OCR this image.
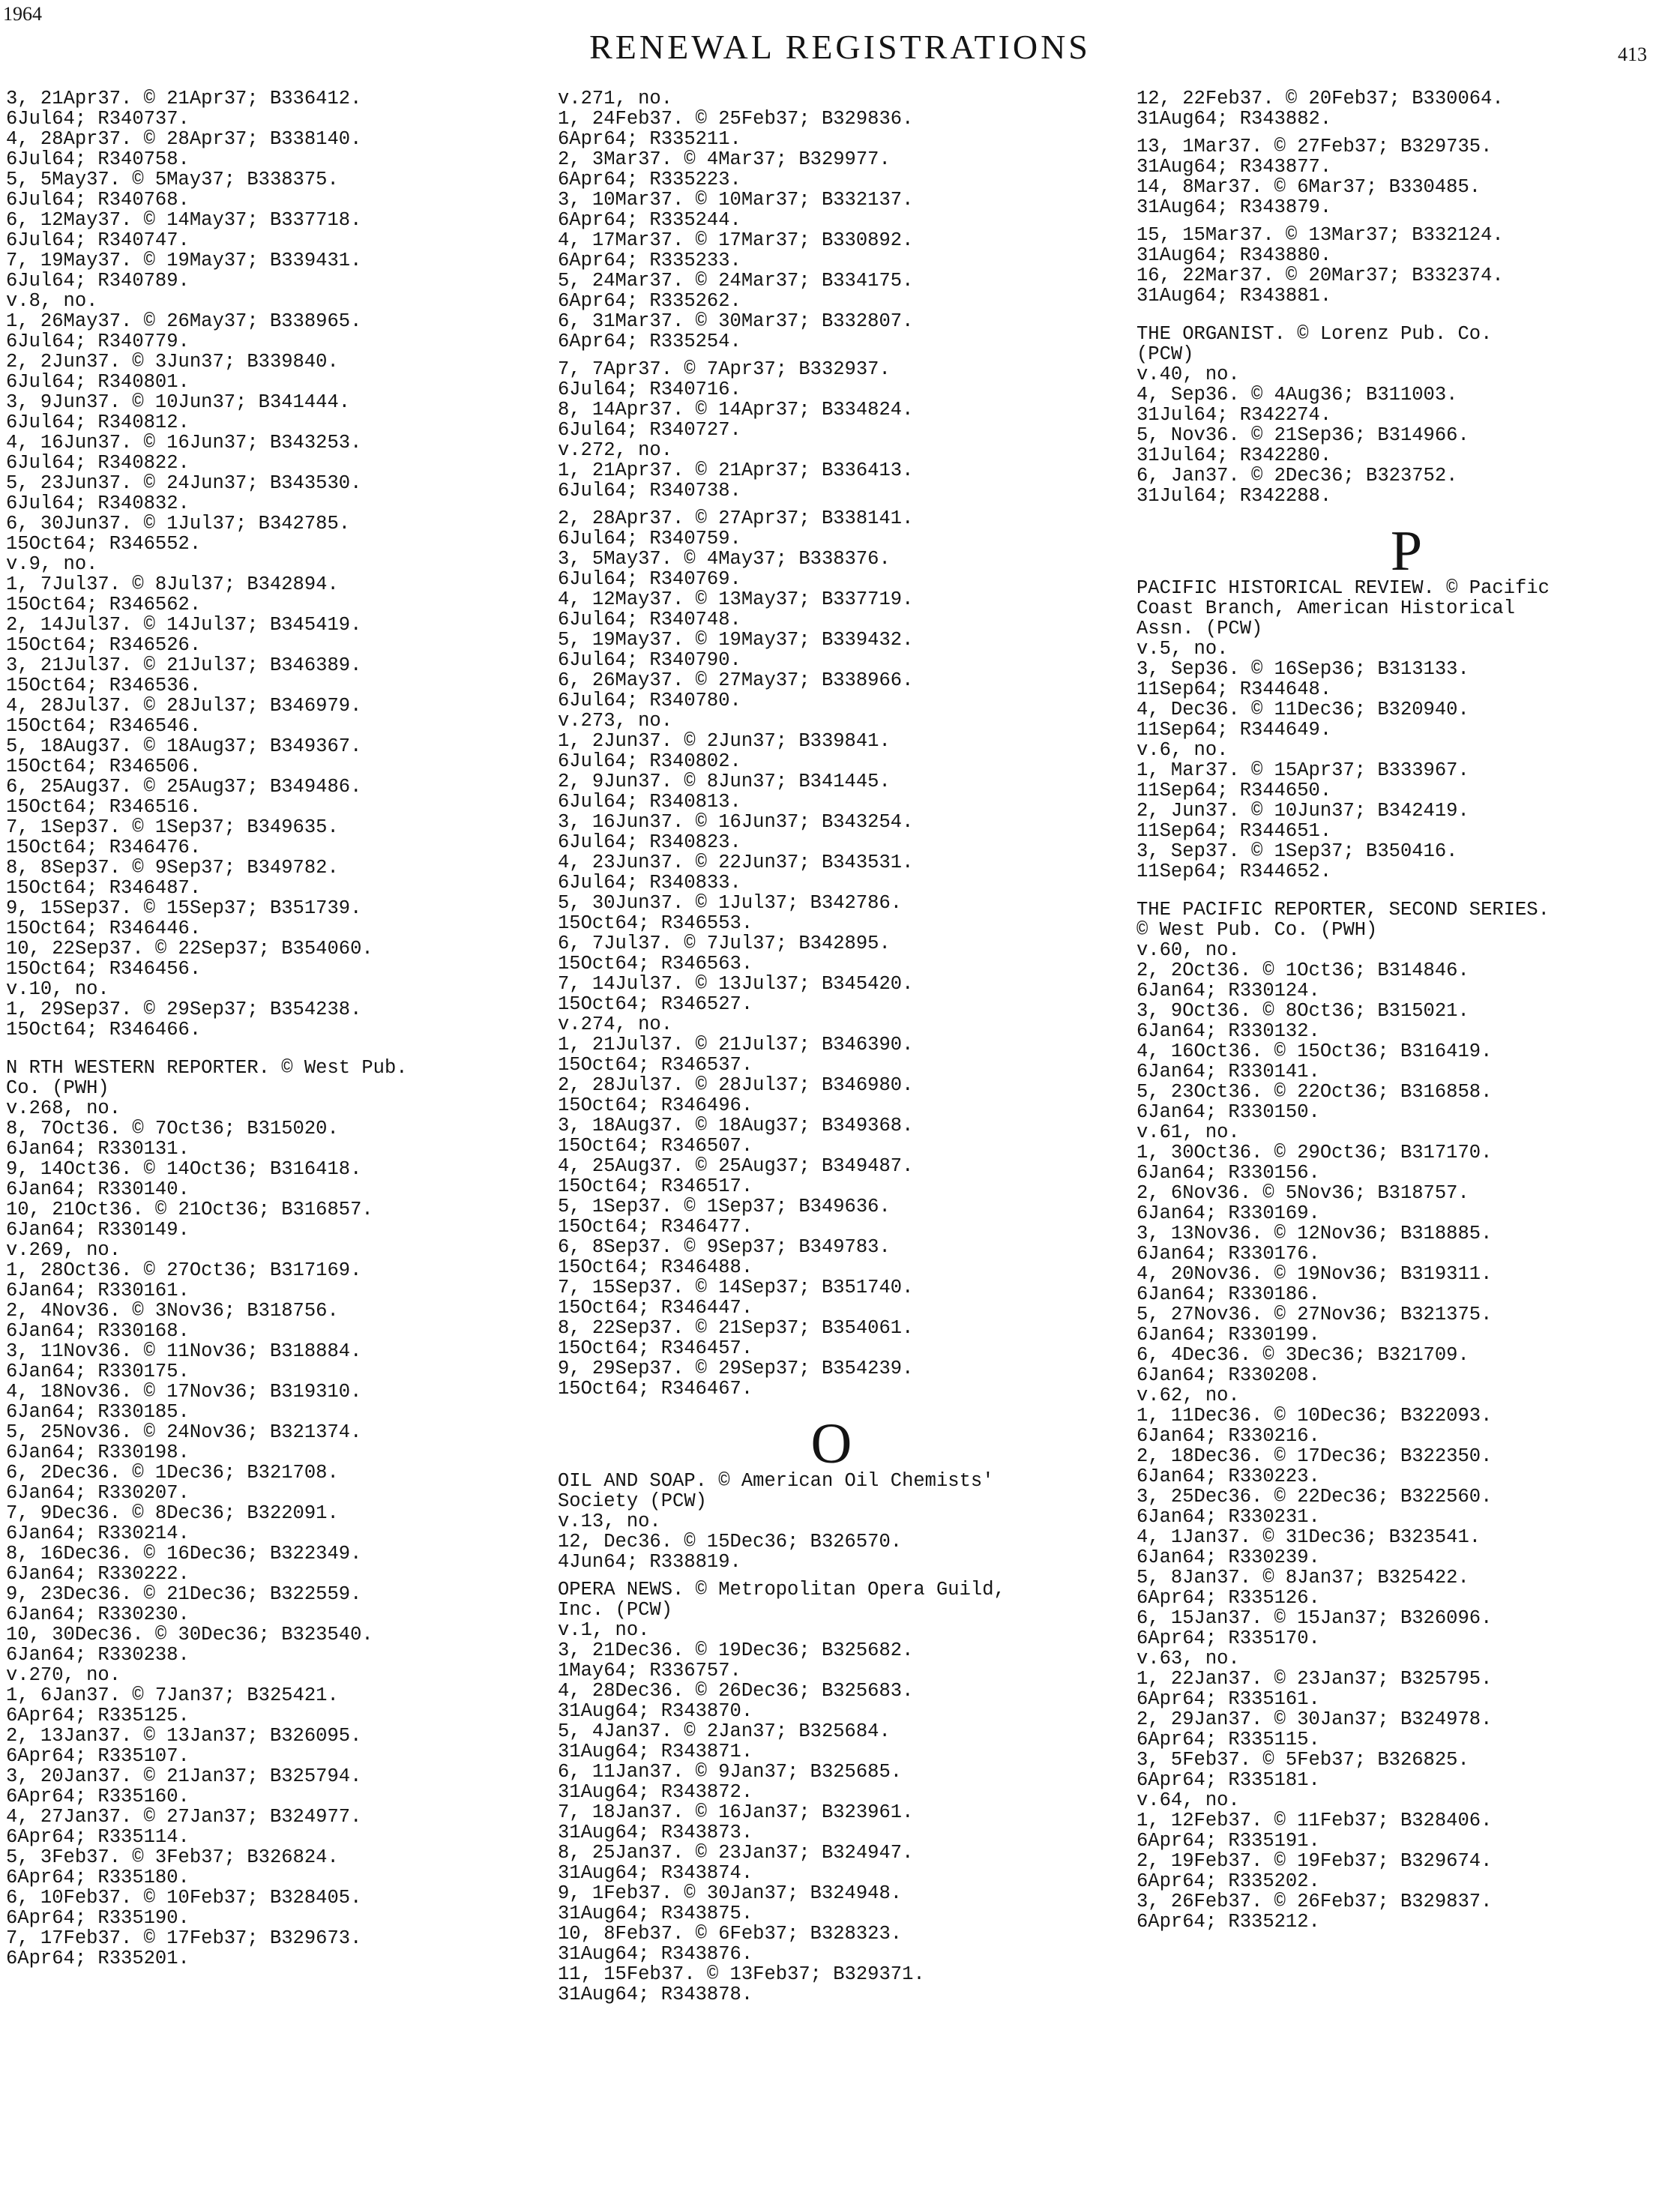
1964
RENEWAL REGISTRATIONS	413
3, 21Apr37. © 21Apr37; B336412.
6Jul64; R340737.
4, 28Apr37. © 28Apr37; B338140.
6Jul64; R340758.
5, 5May37. © 5May37; B338375.
6Jul64; R340768.
6, 12May37. © 14May37; B337718.
6Jul64; R340747.
7, 19May37. © 19May37; B339431.
6Jul64; R340789.
v.8, no.
1, 26May37. © 26May37; B338965.
6Jul64; R340779.
2, 2Jun37. © 3Jun37; B339840.
6Jul64; R340801.
3, 9Jun37. © 10Jun37; B341444.
6Jul64; R340812.
4, 16Jun37. © 16Jun37; B343253.
6Jul64; R340822.
5, 23Jun37. © 24Jun37; B343530.
6Jul64; R340832.
6, 30Jun37. © 1Jul37; B342785.
15Oct64; R346552.
v.9, no.
1, 7Jul37. © 8Jul37; B342894.
15Oct64; R346562.
2, 14Jul37. © 14Jul37; B345419.
15Oct64; R346526.
3, 21Jul37. © 21Jul37; B346389.
15Oct64; R346536.
4, 28Jul37. © 28Jul37; B346979.
15Oct64; R346546.
5, 18Aug37. © 18Aug37; B349367.
15Oct64; R346506.
6, 25Aug37. © 25Aug37; B349486.
15Oct64; R346516.
7, 1Sep37. © 1Sep37; B349635.
15Oct64; R346476.
8, 8Sep37. © 9Sep37; B349782.
15Oct64; R346487.
9, 15Sep37. © 15Sep37; B351739.
15Oct64; R346446.
10, 22Sep37. © 22Sep37; B354060.
15Oct64; R346456.
v.10, no.
1, 29Sep37. © 29Sep37; B354238.
15Oct64; R346466.
N RTH WESTERN REPORTER. © West Pub.
Co. (PWH)
v.268, no.
8, 7Oct36. © 7Oct36; B315020.
6Jan64; R330131.
9, 14Oct36. © 14Oct36; B316418.
6Jan64; R330140.
10, 21Oct36. © 21Oct36; B316857.
6Jan64; R330149.
v.269, no.
1, 28Oct36. © 27Oct36; B317169.
6Jan64; R330161.
2, 4Nov36. © 3Nov36; B318756.
6Jan64; R330168.
3, 11Nov36. © 11Nov36; B318884.
6Jan64; R330175.
4, 18Nov36. © 17Nov36; B319310.
6Jan64; R330185.
5, 25Nov36. © 24Nov36; B321374.
6Jan64; R330198.
6, 2Dec36. © 1Dec36; B321708.
6Jan64; R330207.
7, 9Dec36. © 8Dec36; B322091.
6Jan64; R330214.
8, 16Dec36. © 16Dec36; B322349.
6Jan64; R330222.
9, 23Dec36. © 21Dec36; B322559.
6Jan64; R330230.
10, 30Dec36. © 30Dec36; B323540.
6Jan64; R330238.
v.270, no.
1, 6Jan37. © 7Jan37; B325421.
6Apr64; R335125.
2, 13Jan37. © 13Jan37; B326095.
6Apr64; R335107.
3, 20Jan37. © 21Jan37; B325794.
6Apr64; R335160.
4, 27Jan37. © 27Jan37; B324977.
6Apr64; R335114.
5, 3Feb37. © 3Feb37; B326824.
6Apr64; R335180.
6, 10Feb37. © 10Feb37; B328405.
6Apr64; R335190.
7, 17Feb37. © 17Feb37; B329673.
6Apr64; R335201.
v.271, no.
1, 24Feb37. © 25Feb37; B329836.
6Apr64; R335211.
2, 3Mar37. © 4Mar37; B329977.
6Apr64; R335223.
3, 10Mar37. © 10Mar37; B332137.
6Apr64; R335244.
4, 17Mar37. © 17Mar37; B330892.
6Apr64; R335233.
5, 24Mar37. © 24Mar37; B334175.
6Apr64; R335262.
6, 31Mar37. © 30Mar37; B332807.
6Apr64; R335254.
7, 7Apr37. © 7Apr37; B332937.
6Jul64; R340716.
8, 14Apr37. © 14Apr37; B334824.
6Jul64; R340727.
v.272, no.
1, 21Apr37. © 21Apr37; B336413.
6Jul64; R340738.
2, 28Apr37. © 27Apr37; B338141.
6Jul64; R340759.
3, 5May37. © 4May37; B338376.
6Jul64; R340769.
4, 12May37. © 13May37; B337719.
6Jul64; R340748.
5, 19May37. © 19May37; B339432.
6Jul64; R340790.
6, 26May37. © 27May37; B338966.
6Jul64; R340780.
v.273, no.
1, 2Jun37. © 2Jun37; B339841.
6Jul64; R340802.
2, 9Jun37. © 8Jun37; B341445.
6Jul64; R340813.
3, 16Jun37. © 16Jun37; B343254.
6Jul64; R340823.
4, 23Jun37. © 22Jun37; B343531.
6Jul64; R340833.
5, 30Jun37. © 1Jul37; B342786.
15Oct64; R346553.
6, 7Jul37. © 7Jul37; B342895.
15Oct64; R346563.
7, 14Jul37. © 13Jul37; B345420.
15Oct64; R346527.
v.274, no.
1, 21Jul37. © 21Jul37; B346390.
15Oct64; R346537.
2, 28Jul37. © 28Jul37; B346980.
15Oct64; R346496.
3, 18Aug37. © 18Aug37; B349368.
15Oct64; R346507.
4, 25Aug37. © 25Aug37; B349487.
15Oct64; R346517.
5, 1Sep37. © 1Sep37; B349636.
15Oct64; R346477.
6, 8Sep37. © 9Sep37; B349783.
15Oct64; R346488.
7, 15Sep37. © 14Sep37; B351740.
15Oct64; R346447.
8, 22Sep37. © 21Sep37; B354061.
15Oct64; R346457.
9, 29Sep37. © 29Sep37; B354239.
15Oct64; R346467.
O
OIL AND SOAP. © American Oil Chemists'
Society (PCW)
v.13, no.
12, Dec36. © 15Dec36; B326570.
4Jun64; R338819.
OPERA NEWS. © Metropolitan Opera Guild,
Inc. (PCW)
v.1, no.
3, 21Dec36. © 19Dec36; B325682.
1May64; R336757.
4, 28Dec36. © 26Dec36; B325683.
31Aug64; R343870.
5, 4Jan37. © 2Jan37; B325684.
31Aug64; R343871.
6, 11Jan37. © 9Jan37; B325685.
31Aug64; R343872.
7, 18Jan37. © 16Jan37; B323961.
31Aug64; R343873.
8, 25Jan37. © 23Jan37; B324947.
31Aug64; R343874.
9, 1Feb37. © 30Jan37; B324948.
31Aug64; R343875.
10, 8Feb37. © 6Feb37; B328323.
31Aug64; R343876.
11, 15Feb37. © 13Feb37; B329371.
31Aug64; R343878.
12, 22Feb37. © 20Feb37; B330064.
31Aug64; R343882.
13, 1Mar37. © 27Feb37; B329735.
31Aug64; R343877.
14, 8Mar37. © 6Mar37; B330485.
31Aug64; R343879.
15, 15Mar37. © 13Mar37; B332124.
31Aug64; R343880.
16, 22Mar37. © 20Mar37; B332374.
31Aug64; R343881.
THE ORGANIST. © Lorenz Pub. Co.
(PCW)
v.40, no.
4, Sep36. © 4Aug36; B311003.
31Jul64; R342274.
5, Nov36. © 21Sep36; B314966.
31Jul64; R342280.
6, Jan37. © 2Dec36; B323752.
31Jul64; R342288.
P
PACIFIC HISTORICAL REVIEW. © Pacific
Coast Branch, American Historical
Assn. (PCW)
v.5, no.
3, Sep36. © 16Sep36; B313133.
11Sep64; R344648.
4, Dec36. © 11Dec36; B320940.
11Sep64; R344649.
v.6, no.
1, Mar37. © 15Apr37; B333967.
11Sep64; R344650.
2, Jun37. © 10Jun37; B342419.
11Sep64; R344651.
3, Sep37. © 1Sep37; B350416.
11Sep64; R344652.
THE PACIFIC REPORTER, SECOND SERIES.
© West Pub. Co. (PWH)
v.60, no.
2, 2Oct36. © 1Oct36; B314846.
6Jan64; R330124.
3, 9Oct36. © 8Oct36; B315021.
6Jan64; R330132.
4, 16Oct36. © 15Oct36; B316419.
6Jan64; R330141.
5, 23Oct36. © 22Oct36; B316858.
6Jan64; R330150.
v.61, no.
1, 30Oct36. © 29Oct36; B317170.
6Jan64; R330156.
2, 6Nov36. © 5Nov36; B318757.
6Jan64; R330169.
3, 13Nov36. © 12Nov36; B318885.
6Jan64; R330176.
4, 20Nov36. © 19Nov36; B319311.
6Jan64; R330186.
5, 27Nov36. © 27Nov36; B321375.
6Jan64; R330199.
6, 4Dec36. © 3Dec36; B321709.
6Jan64; R330208.
v.62, no.
1, 11Dec36. © 10Dec36; B322093.
6Jan64; R330216.
2, 18Dec36. © 17Dec36; B322350.
6Jan64; R330223.
3, 25Dec36. © 22Dec36; B322560.
6Jan64; R330231.
4, 1Jan37. © 31Dec36; B323541.
6Jan64; R330239.
5, 8Jan37. © 8Jan37; B325422.
6Apr64; R335126.
6, 15Jan37. © 15Jan37; B326096.
6Apr64; R335170.
v.63, no.
1, 22Jan37. © 23Jan37; B325795.
6Apr64; R335161.
2, 29Jan37. © 30Jan37; B324978.
6Apr64; R335115.
3, 5Feb37. © 5Feb37; B326825.
6Apr64; R335181.
v.64, no.
1, 12Feb37. © 11Feb37; B328406.
6Apr64; R335191.
2, 19Feb37. © 19Feb37; B329674.
6Apr64; R335202.
3, 26Feb37. © 26Feb37; B329837.
6Apr64; R335212.
